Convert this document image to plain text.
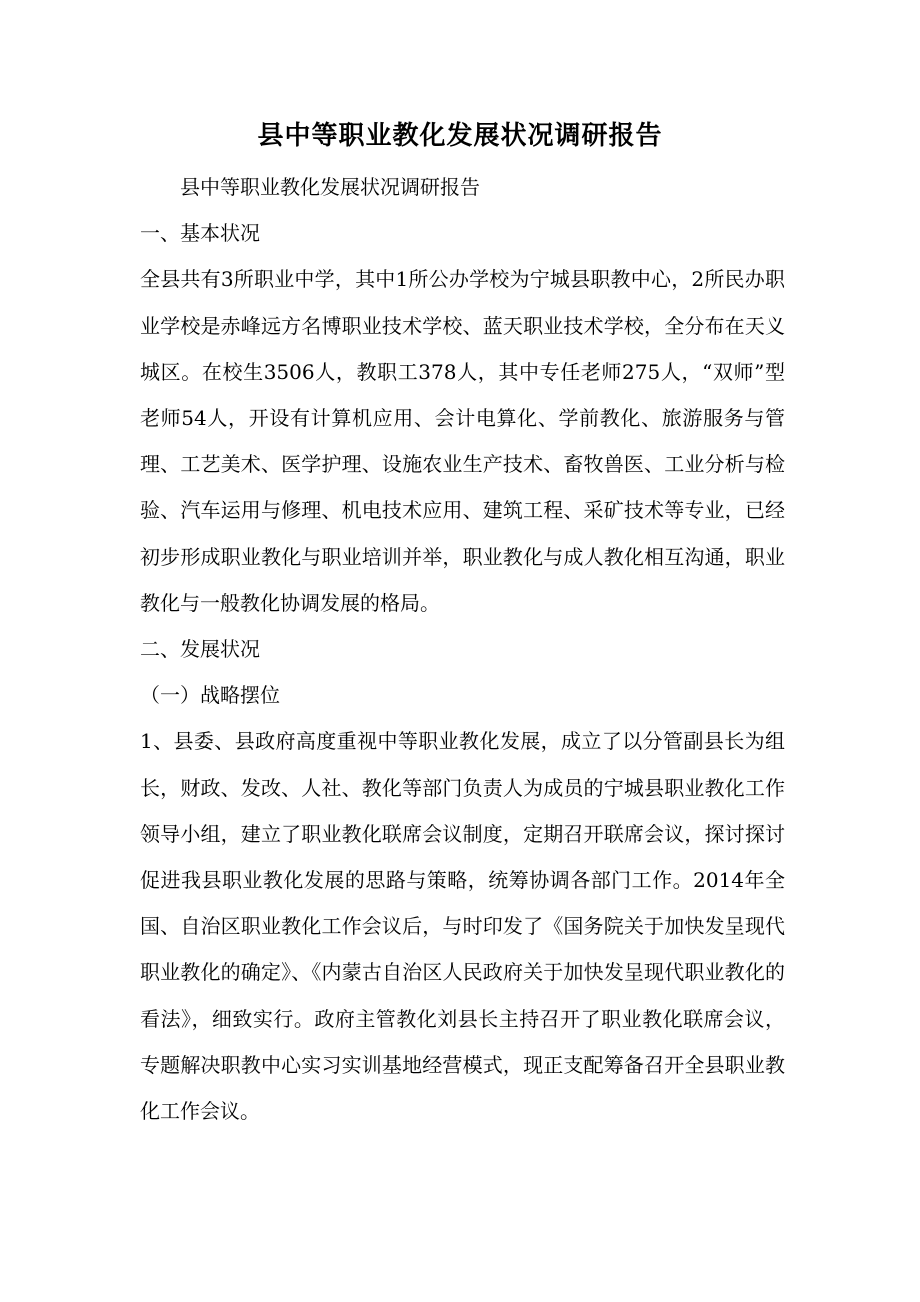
县中等职业教化发展状况调研报告

县中等职业教化发展状况调研报告

一、基本状况

全县共有3所职业中学，其中1所公办学校为宁城县职教中心，2所民办职业学校是赤峰远方名博职业技术学校、蓝天职业技术学校，全分布在天义城区。在校生3506人，教职工378人，其中专任老师275人，“双师”型老师54人，开设有计算机应用、会计电算化、学前教化、旅游服务与管理、工艺美术、医学护理、设施农业生产技术、畜牧兽医、工业分析与检验、汽车运用与修理、机电技术应用、建筑工程、采矿技术等专业，已经初步形成职业教化与职业培训并举，职业教化与成人教化相互沟通，职业教化与一般教化协调发展的格局。

二、发展状况

（一）战略摆位

1、县委、县政府高度重视中等职业教化发展，成立了以分管副县长为组长，财政、发改、人社、教化等部门负责人为成员的宁城县职业教化工作领导小组，建立了职业教化联席会议制度，定期召开联席会议，探讨探讨促进我县职业教化发展的思路与策略，统筹协调各部门工作。2014年全国、自治区职业教化工作会议后，与时印发了《国务院关于加快发呈现代职业教化的确定》、《内蒙古自治区人民政府关于加快发呈现代职业教化的看法》，细致实行。政府主管教化刘县长主持召开了职业教化联席会议，专题解决职教中心实习实训基地经营模式，现正支配筹备召开全县职业教化工作会议。
